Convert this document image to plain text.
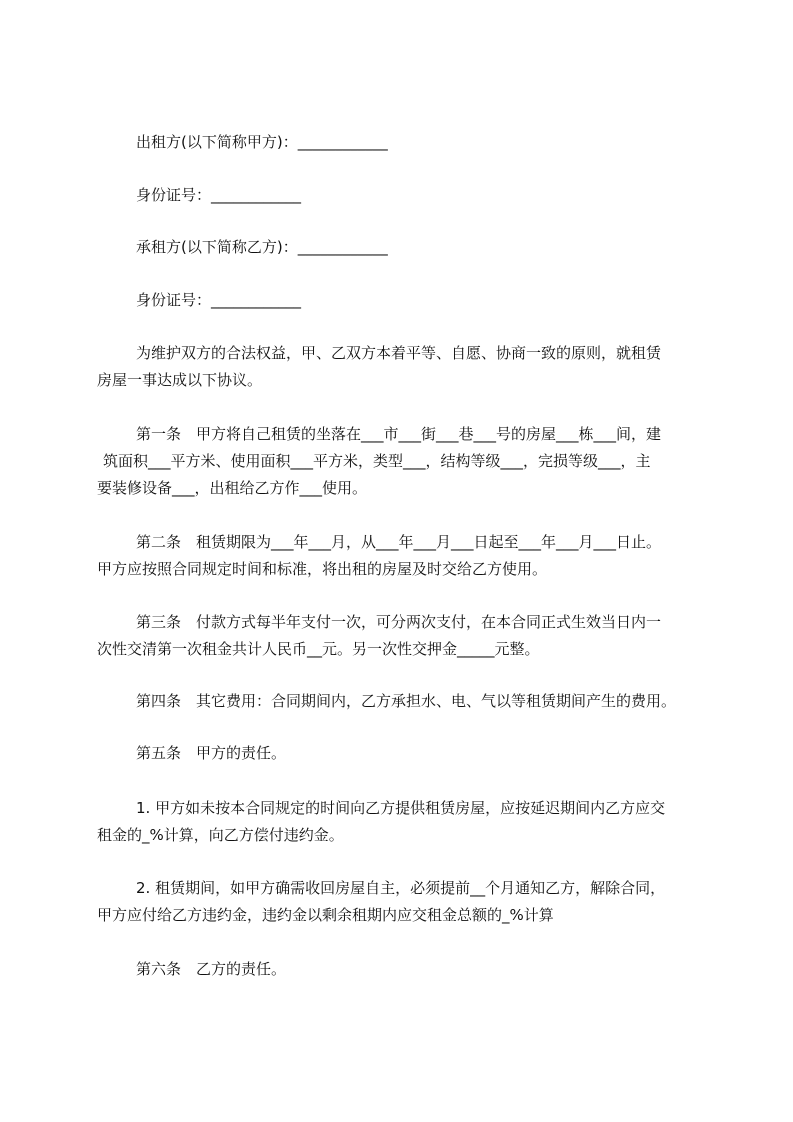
出租方(以下简称甲方)：____________
身份证号：____________
承租方(以下简称乙方)：____________
身份证号：____________
为维护双方的合法权益，甲、乙双方本着平等、自愿、协商一致的原则，就租赁
房屋一事达成以下协议。
第一条　甲方将自己租赁的坐落在___市___街___巷___号的房屋___栋___间，建
筑面积___平方米、使用面积___平方米，类型___，结构等级___，完损等级___，主
要装修设备___，出租给乙方作___使用。
第二条　租赁期限为___年___月，从___年___月___日起至___年___月___日止。
甲方应按照合同规定时间和标准，将出租的房屋及时交给乙方使用。
第三条　付款方式每半年支付一次，可分两次支付，在本合同正式生效当日内一
次性交清第一次租金共计人民币__元。另一次性交押金_____元整。
第四条　其它费用：合同期间内，乙方承担水、电、气以等租赁期间产生的费用。
第五条　甲方的责任。
1. 甲方如未按本合同规定的时间向乙方提供租赁房屋，应按延迟期间内乙方应交
租金的_%计算，向乙方偿付违约金。
2. 租赁期间，如甲方确需收回房屋自主，必须提前__个月通知乙方，解除合同，
甲方应付给乙方违约金，违约金以剩余租期内应交租金总额的_%计算
第六条　乙方的责任。
